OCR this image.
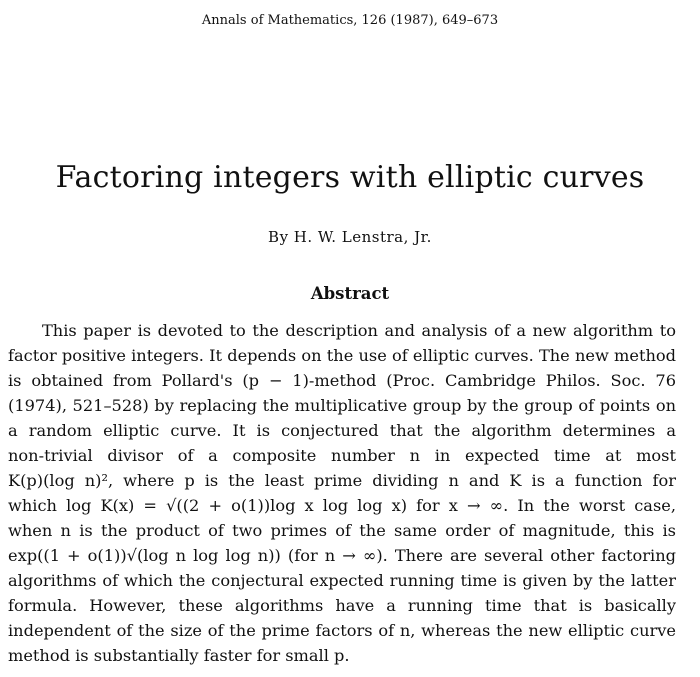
Annals of Mathematics, 126 (1987), 649–673
Factoring integers with elliptic curves
By H. W. Lenstra, Jr.
Abstract
This paper is devoted to the description and analysis of a new algorithm to
factor positive integers. It depends on the use of elliptic curves. The new method
is obtained from Pollard's (p − 1)-method (Proc. Cambridge Philos. Soc. 76
(1974), 521–528) by replacing the multiplicative group by the group of points on
a random elliptic curve. It is conjectured that the algorithm determines a
non-trivial divisor of a composite number n in expected time at most
K(p)(log n)², where p is the least prime dividing n and K is a function for
which log K(x) = √((2 + o(1))log x log log x) for x → ∞. In the worst case,
when n is the product of two primes of the same order of magnitude, this is
exp((1 + o(1))√(log n log log n)) (for n → ∞). There are several other factoring
algorithms of which the conjectural expected running time is given by the latter
formula. However, these algorithms have a running time that is basically
independent of the size of the prime factors of n, whereas the new elliptic curve
method is substantially faster for small p.
